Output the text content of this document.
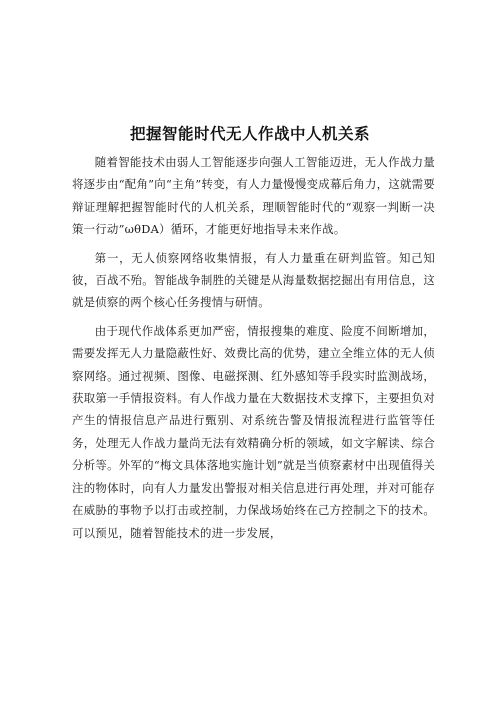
把握智能时代无人作战中人机关系

随着智能技术由弱人工智能逐步向强人工智能迈进，无人作战力量将逐步由“配角”向“主角”转变，有人力量慢慢变成幕后角力，这就需要辩证理解把握智能时代的人机关系，理顺智能时代的“观察一判断一决策一行动”ωθDA）循环，才能更好地指导未来作战。

第一，无人侦察网络收集情报，有人力量重在研判监管。知己知彼，百战不殆。智能战争制胜的关键是从海量数据挖掘出有用信息，这就是侦察的两个核心任务搜情与研情。

由于现代作战体系更加严密，情报搜集的难度、险度不间断增加，需要发挥无人力量隐蔽性好、效费比高的优势，建立全维立体的无人侦察网络。通过视频、图像、电磁探测、红外感知等手段实时监测战场，获取第一手情报资料。有人作战力量在大数据技术支撑下，主要担负对产生的情报信息产品进行甄别、对系统告警及情报流程进行监管等任务，处理无人作战力量尚无法有效精确分析的领域，如文字解读、综合分析等。外军的“梅文具体落地实施计划”就是当侦察素材中出现值得关注的物体时，向有人力量发出警报对相关信息进行再处理，并对可能存在威胁的事物予以打击或控制，力保战场始终在己方控制之下的技术。可以预见，随着智能技术的进一步发展，
